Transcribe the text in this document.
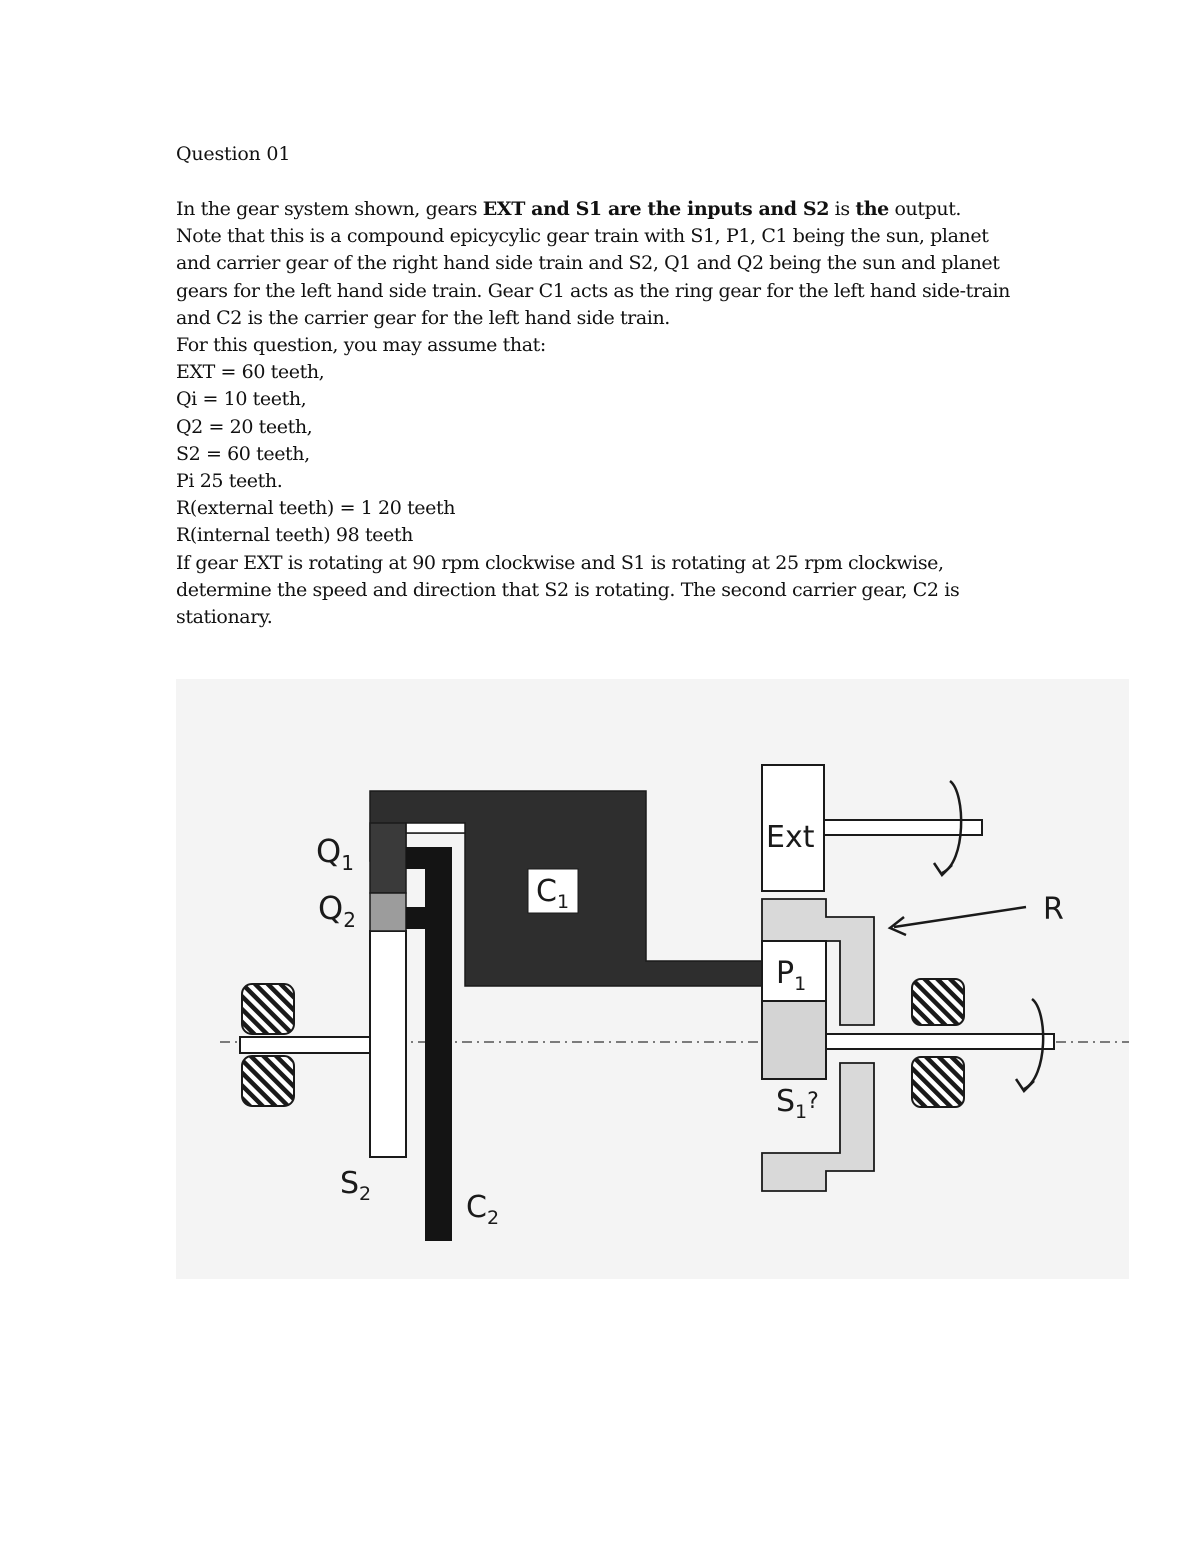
Question 01
In the gear system shown, gears EXT and S1 are the inputs and S2 is the output.
Note that this is a compound epicycylic gear train with S1, P1, C1 being the sun, planet
and carrier gear of the right hand side train and S2, Q1 and Q2 being the sun and planet
gears for the left hand side train. Gear C1 acts as the ring gear for the left hand side-train
and C2 is the carrier gear for the left hand side train.
For this question, you may assume that:
EXT = 60 teeth,
Qi = 10 teeth,
Q2 = 20 teeth,
S2 = 60 teeth,
Pi 25 teeth.
R(external teeth) = 1 20 teeth
R(internal teeth) 98 teeth
If gear EXT is rotating at 90 rpm clockwise and S1 is rotating at 25 rpm clockwise,
determine the speed and direction that S2 is rotating. The second carrier gear, C2 is
stationary.
$Q_1$
$Q_2$
$C_1$
Ext
R
$P_1$
$S_1^?$
$S_2$	$C_2$
